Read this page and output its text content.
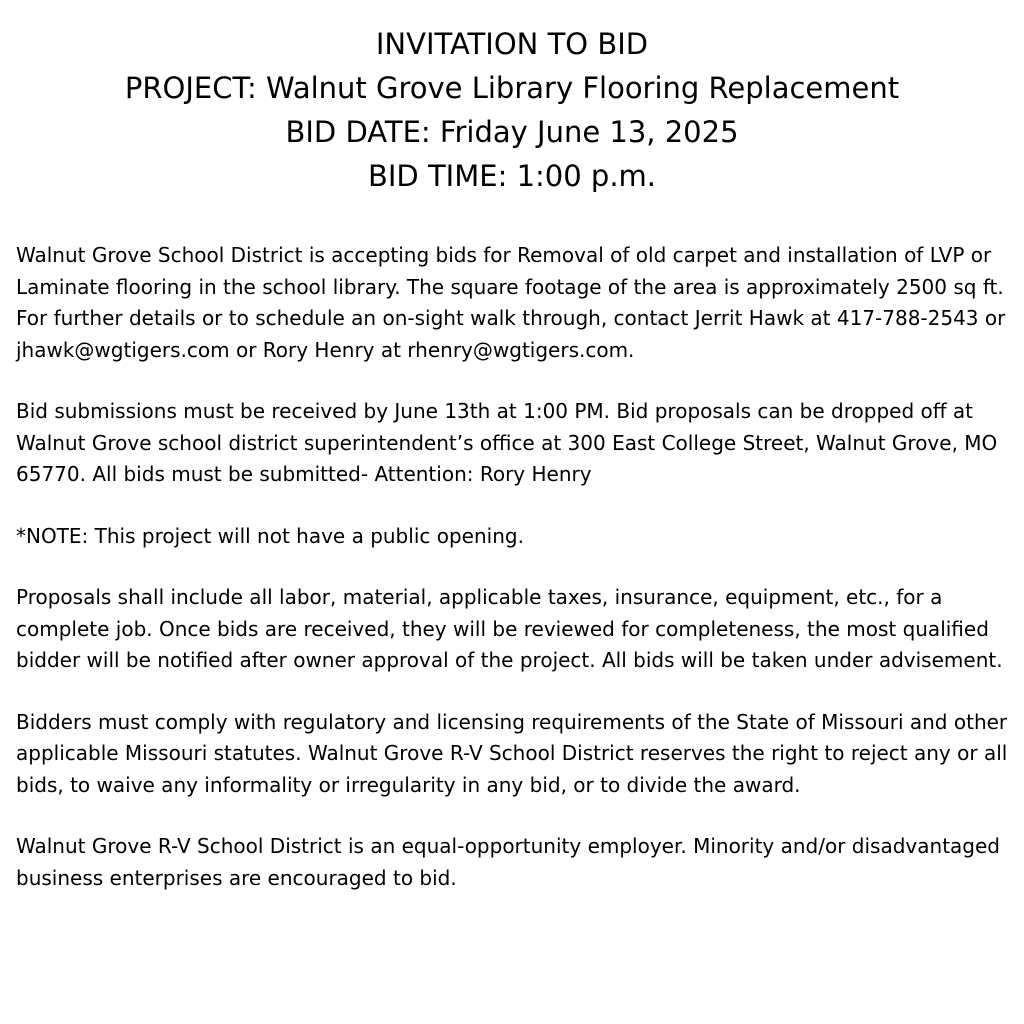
INVITATION TO BID
PROJECT: Walnut Grove Library Flooring Replacement
BID DATE: Friday June 13, 2025
BID TIME: 1:00 p.m.

Walnut Grove School District is accepting bids for Removal of old carpet and installation of LVP or Laminate flooring in the school library. The square footage of the area is approximately 2500 sq ft. For further details or to schedule an on-sight walk through, contact Jerrit Hawk at 417-788-2543 or jhawk@wgtigers.com or Rory Henry at rhenry@wgtigers.com.

Bid submissions must be received by June 13th at 1:00 PM. Bid proposals can be dropped off at Walnut Grove school district superintendent’s office at 300 East College Street, Walnut Grove, MO 65770. All bids must be submitted- Attention: Rory Henry

*NOTE: This project will not have a public opening.

Proposals shall include all labor, material, applicable taxes, insurance, equipment, etc., for a complete job. Once bids are received, they will be reviewed for completeness, the most qualified bidder will be notified after owner approval of the project. All bids will be taken under advisement.

Bidders must comply with regulatory and licensing requirements of the State of Missouri and other applicable Missouri statutes. Walnut Grove R-V School District reserves the right to reject any or all bids, to waive any informality or irregularity in any bid, or to divide the award.

Walnut Grove R-V School District is an equal-opportunity employer. Minority and/or disadvantaged business enterprises are encouraged to bid.
